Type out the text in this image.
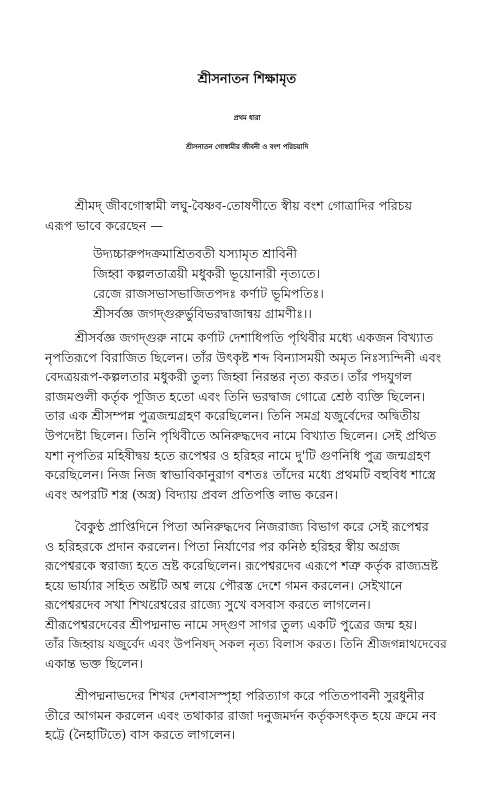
শ্রীসনাতন শিক্ষামৃত
প্রথম ধারা
শ্রীসনাতন গোস্বামীর জীবনী ও বংশ পরিচয়াদি
শ্রীমদ্ জীবগোস্বামী লঘু-বৈষ্ণব-তোষণীতে স্বীয় বংশ গোত্রাদির পরিচয়
এরূপ ভাবে করেছেন —
উদ্যচ্চারুপদক্রমাশ্রিতবতী যস্যামৃত শ্রাবিনী
জিহ্বা কল্পলতাত্রয়ী মধুকরী ভূয়োনারী নৃত্যতে।
রেজে রাজসভাসভাজিতপদঃ কর্ণাট ভূমিপতিঃ।
শ্রীসর্বজ্ঞ জগদ্গুরুর্ভুবিভরদ্বাজান্বয় গ্রামণীঃ।।
শ্রীসর্বজ্ঞ জগদ্গুরু নামে কর্ণাট দেশাধিপতি পৃথিবীর মধ্যে একজন বিখ্যাত
নৃপতিরূপে বিরাজিত ছিলেন। তাঁর উৎকৃষ্ট শব্দ বিন্যাসময়ী অমৃত নিঃস্যন্দিনী এবং
বেদত্রয়রূপ-কল্পলতার মধুকরী তুল্য জিহ্বা নিরন্তর নৃত্য করত। তাঁর পদযুগল
রাজমণ্ডলী কর্তৃক পূজিত হতো এবং তিনি ভরদ্বাজ গোত্রে শ্রেষ্ঠ ব্যক্তি ছিলেন।
তার এক শ্রীসম্পন্ন পুত্রজন্মগ্রহণ করেছিলেন। তিনি সমগ্র যজুর্বেদের অদ্বিতীয়
উপদেষ্টা ছিলেন। তিনি পৃথিবীতে অনিরুদ্ধদেব নামে বিখ্যাত ছিলেন। সেই প্রথিত
যশা নৃপতির মহিষীদ্বয় হতে রূপেশ্বর ও হরিহর নামে দু'টি গুণনিধি পুত্র জন্মগ্রহণ
করেছিলেন। নিজ নিজ স্বাভাবিকানুরাগ বশতঃ তাঁদের মধ্যে প্রথমটি বহুবিধ শাস্ত্রে
এবং অপরটি শস্ত্র (অস্ত্র) বিদ্যায় প্রবল প্রতিপত্তি লাভ করেন।
বৈকুণ্ঠ প্রাপ্তিদিনে পিতা অনিরুদ্ধদেব নিজরাজ্য বিভাগ করে সেই রূপেশ্বর
ও হরিহরকে প্রদান করলেন। পিতা নির্যাণের পর কনিষ্ঠ হরিহর স্বীয় অগ্রজ
রূপেশ্বরকে স্বরাজ্য হতে ভ্রষ্ট করেছিলেন। রূপেশ্বরদেব এরূপে শত্রু কর্তৃক রাজ্যভ্রষ্ট
হয়ে ভার্য্যার সহিত অষ্টটি অশ্ব লয়ে পৌরস্ত দেশে গমন করলেন। সেইখানে
রূপেশ্বরদেব সখা শিখরেশ্বরের রাজ্যে সুখে বসবাস করতে লাগলেন।
শ্রীরূপেশ্বরদেবের শ্রীপদ্মনাভ নামে সদ্গুণ সাগর তুল্য একটি পুত্রের জন্ম হয়।
তাঁর জিহ্বায় যজুর্বেদ এবং উপনিষদ্ সকল নৃত্য বিলাস করত। তিনি শ্রীজগন্নাথদেবের
একান্ত ভক্ত ছিলেন।
শ্রীপদ্মনাভদের শিখর দেশবাসস্পৃহা পরিত্যাগ করে পতিতপাবনী সুরধুনীর
তীরে আগমন করলেন এবং তথাকার রাজা দনুজমর্দন কর্তৃকসৎকৃত হয়ে ক্রমে নব
হট্টে (নৈহাটিতে) বাস করতে লাগলেন।
